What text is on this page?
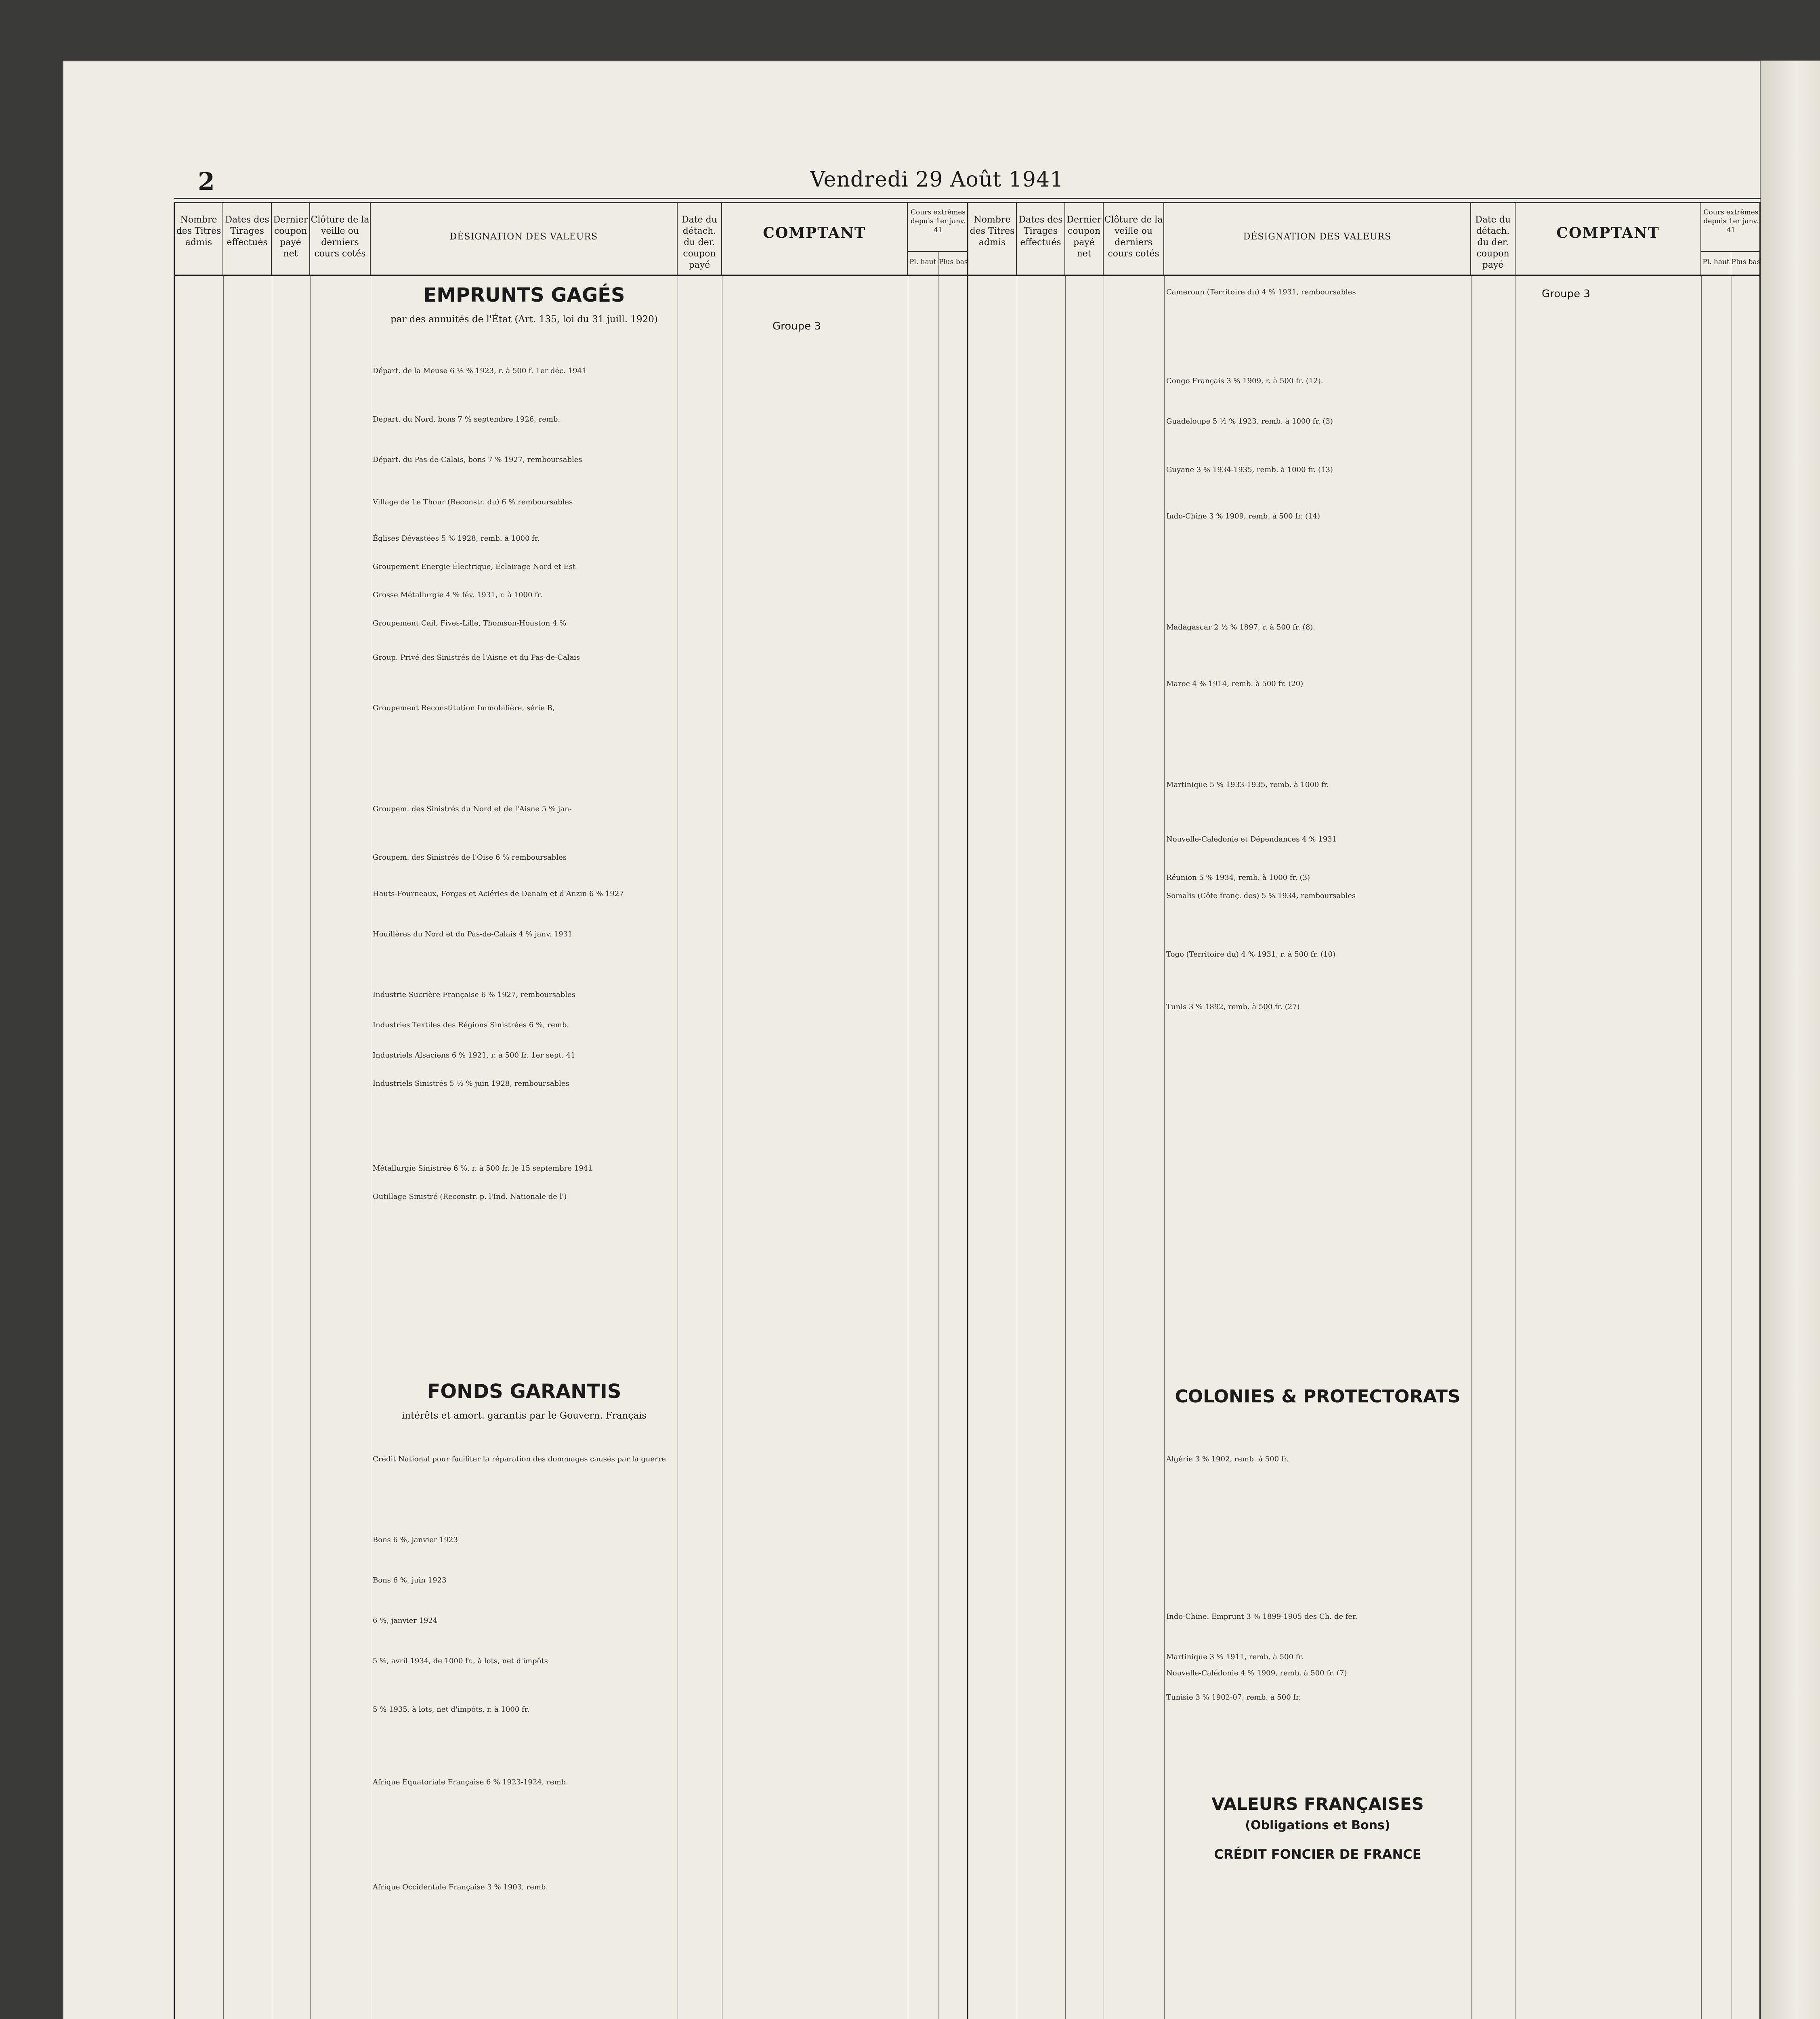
2	Vendredi 29 Août 1941
Nombre des Titres admis
Dates des Tirages effectués
Dernier coupon payé net
Clôture de la veille ou derniers cours cotés
DÉSIGNATION DES VALEURS
Date du détach. du der. coupon payé
COMPTANT
Cours extrêmes depuis 1er janv. 41
Pl. haut Plus bas
EMPRUNTS GAGÉS
par des annuités de l'État (Art. 135, loi du 31 juill. 1920)
Groupe 3
FONDS GARANTIS
intérêts et amort. garantis par le Gouvern. Français
Départ. de la Meuse 6 ½ % 1923, r. à 500 f. 1er déc. 1941
Départ. du Nord, bons 7 % septembre 1926, remb.
Départ. du Pas-de-Calais, bons 7 % 1927, remboursables
Village de Le Thour (Reconstr. du) 6 % remboursables
Églises Dévastées 5 % 1928, remb. à 1000 fr.
Groupement Énergie Électrique, Éclairage Nord et Est
Grosse Métallurgie 4 % fév. 1931, r. à 1000 fr.
Groupement Cail, Fives-Lille, Thomson-Houston 4 %
Group. Privé des Sinistrés de l'Aisne et du Pas-de-Calais
Groupement Reconstitution Immobilière, série B,
Groupem. des Sinistrés du Nord et de l'Aisne 5 % jan-
Groupem. des Sinistrés de l'Oise 6 % remboursables
Hauts-Fourneaux, Forges et Aciéries de Denain et d'Anzin 6 % 1927
Houillères du Nord et du Pas-de-Calais 4 % janv. 1931
Industrie Sucrière Française 6 % 1927, remboursables
Industries Textiles des Régions Sinistrées 6 %, remb.
Industriels Alsaciens 6 % 1921, r. à 500 fr. 1er sept. 41
Industriels Sinistrés 5 ½ % juin 1928, remboursables
Métallurgie Sinistrée 6 %, r. à 500 fr. le 15 septembre 1941
Outillage Sinistré (Reconstr. p. l'Ind. Nationale de l')
Crédit National pour faciliter la réparation des dommages causés par la guerre
Bons 6 %, janvier 1923
Bons 6 %, juin 1923
6 %, janvier 1924
5 %, avril 1934, de 1000 fr., à lots, net d'impôts
5 % 1935, à lots, net d'impôts, r. à 1000 fr.
Afrique Équatoriale Française 6 % 1923-1924, remb.
Afrique Occidentale Française 3 % 1903, remb.
Nombre des Titres admis
Dates des Tirages effectués
Dernier coupon payé net
Clôture de la veille ou derniers cours cotés
DÉSIGNATION DES VALEURS
Date du détach. du der. coupon payé
COMPTANT
Cours extrêmes depuis 1er janv. 41
Pl. haut Plus bas
Groupe 3
COLONIES & PROTECTORATS
VALEURS FRANÇAISES
(Obligations et Bons)
CRÉDIT FONCIER DE FRANCE
Cameroun (Territoire du) 4 % 1931, remboursables
Congo Français 3 % 1909, r. à 500 fr. (12).
Guadeloupe 5 ½ % 1923, remb. à 1000 fr. (3)
Guyane 3 % 1934-1935, remb. à 1000 fr. (13)
Indo-Chine 3 % 1909, remb. à 500 fr. (14)
Madagascar 2 ½ % 1897, r. à 500 fr. (8).
Maroc 4 % 1914, remb. à 500 fr. (20)
Martinique 5 % 1933-1935, remb. à 1000 fr.
Nouvelle-Calédonie et Dépendances 4 % 1931
Réunion 5 % 1934, remb. à 1000 fr. (3)
Somalis (Côte franç. des) 5 % 1934, remboursables
Togo (Territoire du) 4 % 1931, r. à 500 fr. (10)
Tunis 3 % 1892, remb. à 500 fr. (27)
Algérie 3 % 1902, remb. à 500 fr.
Indo-Chine. Emprunt 3 % 1899-1905 des Ch. de fer.
Martinique 3 % 1911, remb. à 500 fr.
Nouvelle-Calédonie 4 % 1909, remb. à 500 fr. (7)
Tunisie 3 % 1902-07, remb. à 500 fr.
